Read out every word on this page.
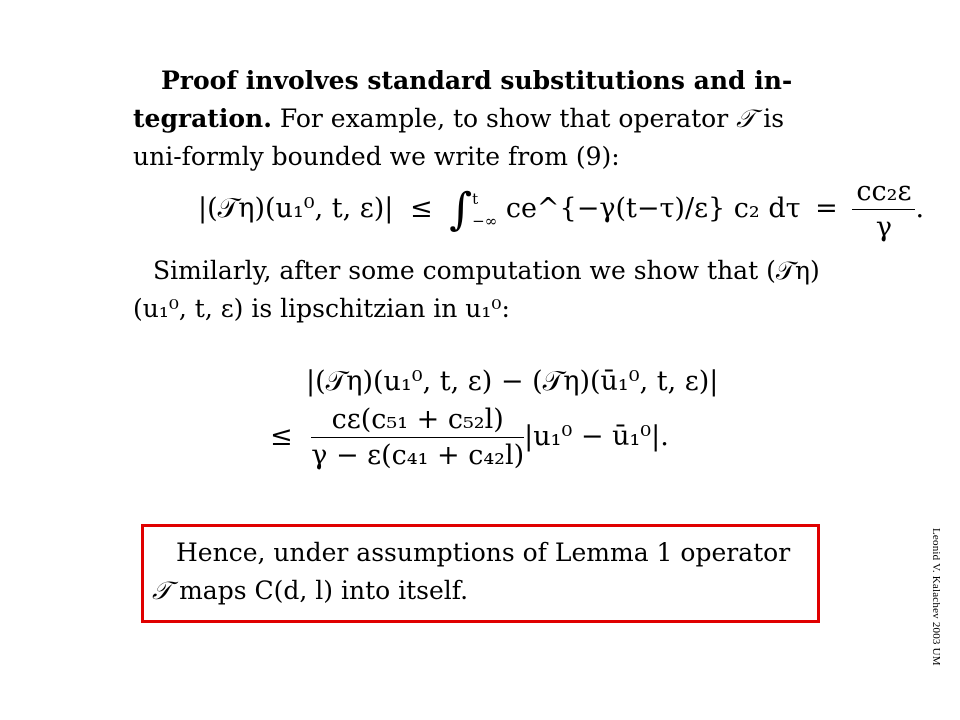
Proof involves standard substitutions and in-tegration. For example, to show that operator 𝒯 is uni-formly bounded we write from (9):
|(𝒯η)(u₁⁰, t, ε)| ≤ ∫ t
−∞ ce^{−γ(t−τ)/ε} c₂ $d\tau = \frac{\text{cc₂ε}}{\gamma}$ .
Similarly, after some computation we show that (𝒯η)(u₁⁰, t, ε) is lipschitzian in u₁⁰:
|(𝒯η)(u₁⁰, t, ε) − (𝒯η)(ū₁⁰, t, ε)|
≤ $\frac{\text{cε(c₅₁ + c₅₂l)}}{\text{γ − ε(c₄₁ + c₄₂l)}} |u_1^0$ − ū₁⁰|.
Hence, under assumptions of Lemma 1 operator 𝒯 maps C(d, l) into itself.	Leonid V. Kalachev 2003 UM
